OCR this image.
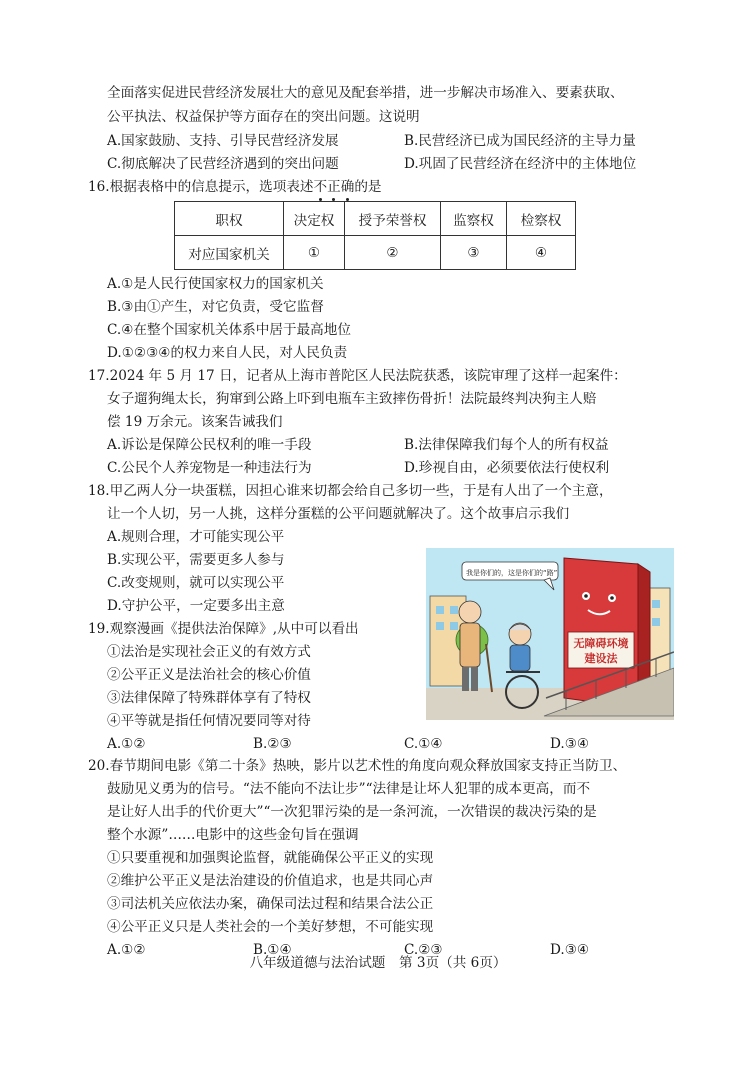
全面落实促进民营经济发展壮大的意见及配套举措，进一步解决市场准入、要素获取、
公平执法、权益保护等方面存在的突出问题。这说明
A.国家鼓励、支持、引导民营经济发展	B.民营经济已成为国民经济的主导力量
C.彻底解决了民营经济遇到的突出问题	D.巩固了民营经济在经济中的主体地位
16.根据表格中的信息提示，选项表述不正确的是
职权	决定权	授予荣誉权	监察权	检察权
对应国家机关	①	②	③	④
A.①是人民行使国家权力的国家机关
B.③由①产生，对它负责，受它监督
C.④在整个国家机关体系中居于最高地位
D.①②③④的权力来自人民，对人民负责
17.2024 年 5 月 17 日，记者从上海市普陀区人民法院获悉，该院审理了这样一起案件：
女子遛狗绳太长，狗窜到公路上吓到电瓶车主致摔伤骨折！法院最终判决狗主人赔
偿 19 万余元。该案告诫我们
A.诉讼是保障公民权利的唯一手段	B.法律保障我们每个人的所有权益
C.公民个人养宠物是一种违法行为	D.珍视自由，必须要依法行使权利
18.甲乙两人分一块蛋糕，因担心谁来切都会给自己多切一些，于是有人出了一个主意，
让一个人切，另一人挑，这样分蛋糕的公平问题就解决了。这个故事启示我们
A.规则合理，才可能实现公平
B.实现公平，需要更多人参与
C.改变规则，就可以实现公平
D.守护公平，一定要多出主意
19.观察漫画《提供法治保障》,从中可以看出
①法治是实现社会正义的有效方式
②公平正义是法治社会的核心价值
③法律保障了特殊群体享有了特权
④平等就是指任何情况要同等对待
A.①②	B.②③	C.①④	D.③④
我是你们的，这是你们的“路”
无障碍环境
建设法
20.春节期间电影《第二十条》热映，影片以艺术性的角度向观众释放国家支持正当防卫、
鼓励见义勇为的信号。“法不能向不法让步”“法律是让坏人犯罪的成本更高，而不
是让好人出手的代价更大”“一次犯罪污染的是一条河流，一次错误的裁决污染的是
整个水源”……电影中的这些金句旨在强调
①只要重视和加强舆论监督，就能确保公平正义的实现
②维护公平正义是法治建设的价值追求，也是共同心声
③司法机关应依法办案，确保司法过程和结果合法公正
④公平正义只是人类社会的一个美好梦想，不可能实现
A.①②	B.①④	C.②③	D.③④
八年级道德与法治试题　第 3页（共 6页）
